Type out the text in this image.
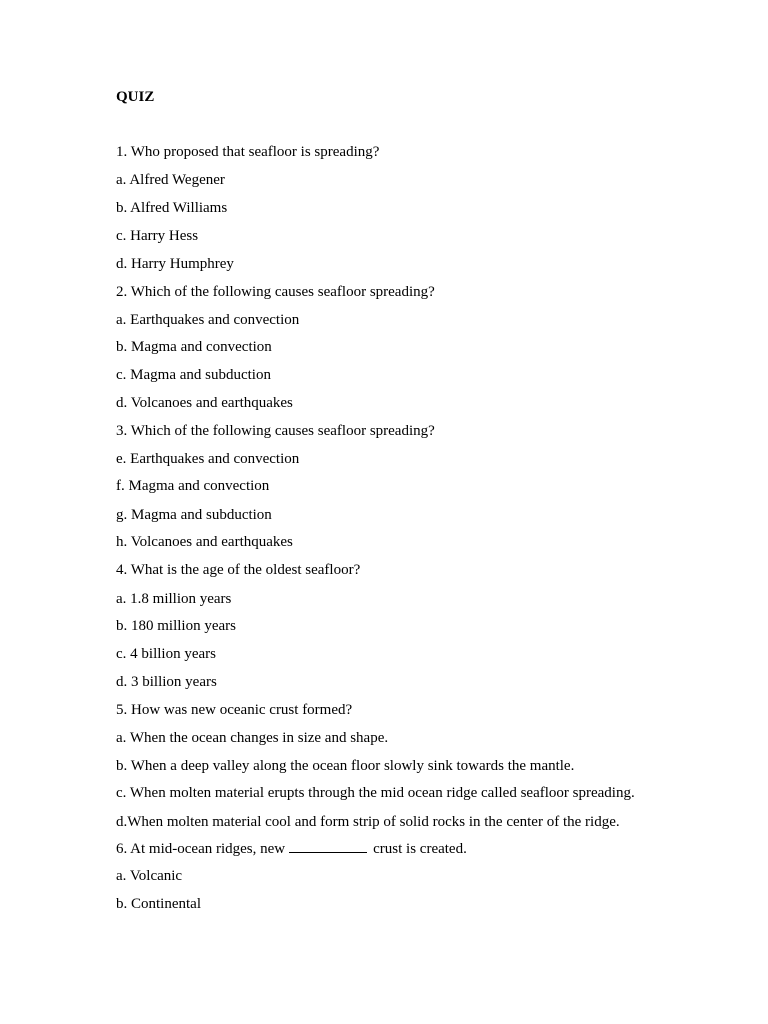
QUIZ
1. Who proposed that seafloor is spreading?
a. Alfred Wegener
b. Alfred Williams
c. Harry Hess
d. Harry Humphrey
2. Which of the following causes seafloor spreading?
a. Earthquakes and convection
b. Magma and convection
c. Magma and subduction
d. Volcanoes and earthquakes
3. Which of the following causes seafloor spreading?
e. Earthquakes and convection
f. Magma and convection
g. Magma and subduction
h. Volcanoes and earthquakes
4. What is the age of the oldest seafloor?
a. 1.8 million years
b. 180 million years
c. 4 billion years
d. 3 billion years
5. How was new oceanic crust formed?
a. When the ocean changes in size and shape.
b. When a deep valley along the ocean floor slowly sink towards the mantle.
c. When molten material erupts through the mid ocean ridge called seafloor spreading.
d.When molten material cool and form strip of solid rocks in the center of the ridge.
6. At mid-ocean ridges, new	crust is created.
a. Volcanic
b. Continental
